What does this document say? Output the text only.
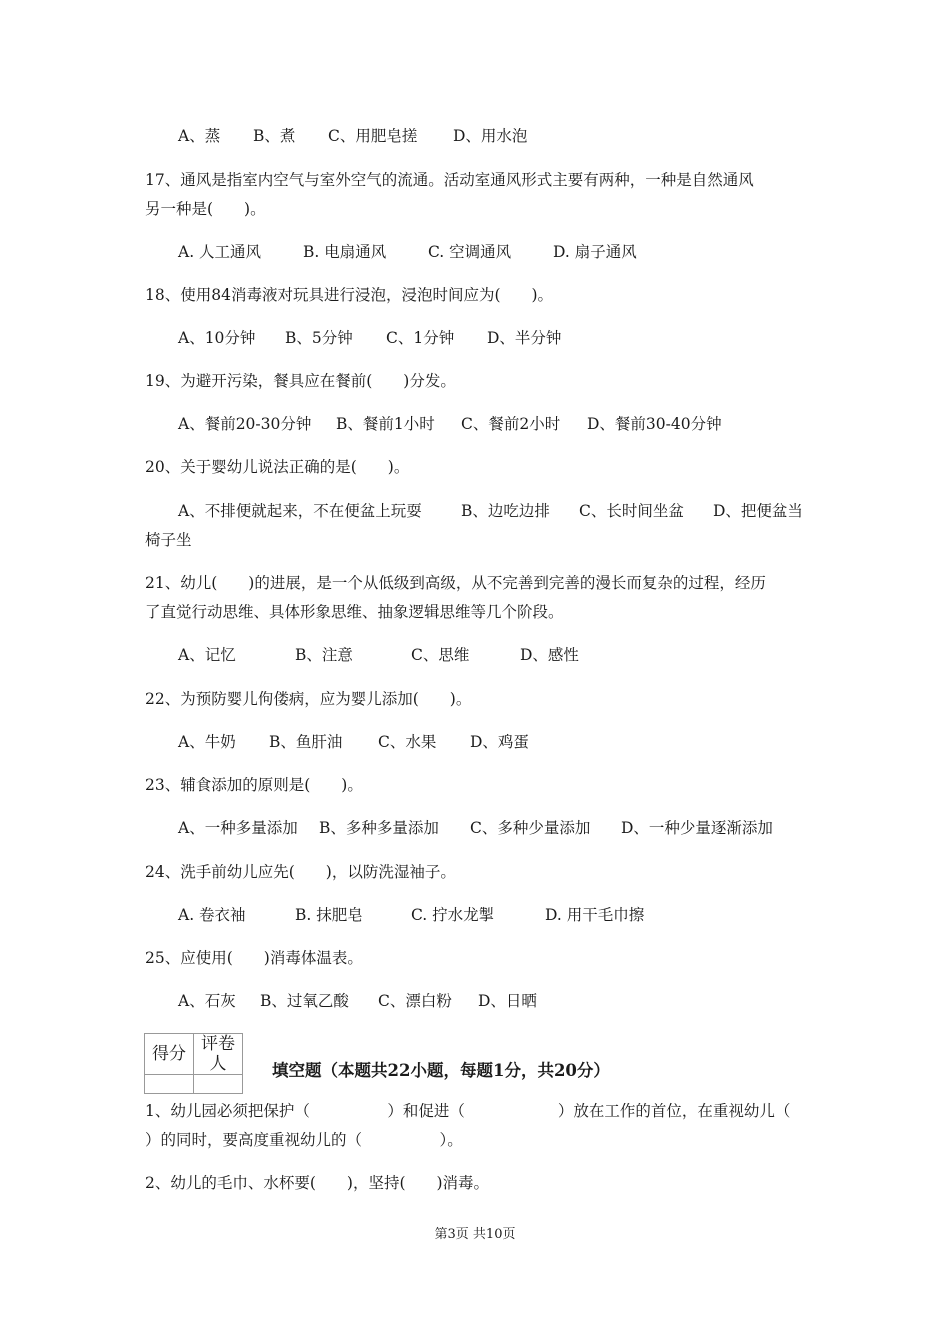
A、蒸 B、煮 C、用肥皂搓 D、用水泡
17、通风是指室内空气与室外空气的流通。活动室通风形式主要有两种，一种是自然通风
另一种是(　　)。
A. 人工通风	B. 电扇通风	C. 空调通风	D. 扇子通风
18、使用84消毒液对玩具进行浸泡，浸泡时间应为(　　)。
A、10分钟 B、5分钟 C、1分钟 D、半分钟
19、为避开污染，餐具应在餐前(　　)分发。
A、餐前20-30分钟 B、餐前1小时 C、餐前2小时 D、餐前30-40分钟
20、关于婴幼儿说法正确的是(　　)。
A、不排便就起来，不在便盆上玩耍	B、边吃边排 C、长时间坐盆 D、把便盆当
椅子坐
21、幼儿(　　)的进展，是一个从低级到高级，从不完善到完善的漫长而复杂的过程，经历
了直觉行动思维、具体形象思维、抽象逻辑思维等几个阶段。
A、记忆	B、注意	C、思维	D、感性
22、为预防婴儿佝偻病，应为婴儿添加(　　)。
A、牛奶 B、鱼肝油 C、水果 D、鸡蛋
23、辅食添加的原则是(　　)。
A、一种多量添加 B、多种多量添加 C、多种少量添加 D、一种少量逐渐添加
24、洗手前幼儿应先(　　)，以防洗湿袖子。
A. 卷衣袖	B. 抹肥皂	C. 拧水龙掣	D. 用干毛巾擦
25、应使用(　　)消毒体温表。
A、石灰 B、过氧乙酸 C、漂白粉 D、日晒
得分	评卷人
		填空题（本题共22小题，每题1分，共20分）
1、幼儿园必须把保护（　　　　　）和促进（　　　　　　）放在工作的首位，在重视幼儿（
）的同时，要高度重视幼儿的（　　　　　）。
2、幼儿的毛巾、水杯要(　　)，坚持(　　)消毒。
第3页 共10页
